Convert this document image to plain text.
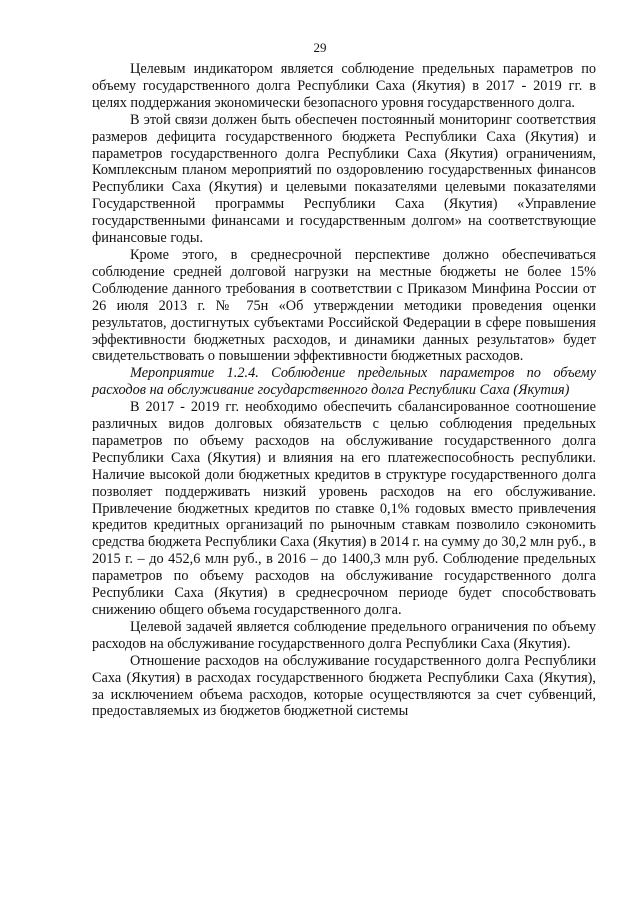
29

Целевым индикатором является соблюдение предельных параметров по объему государственного долга Республики Саха (Якутия) в 2017 - 2019 гг. в целях поддержания экономически безопасного уровня государственного долга.

В этой связи должен быть обеспечен постоянный мониторинг соответствия размеров дефицита государственного бюджета Республики Саха (Якутия) и параметров государственного долга Республики Саха (Якутия) ограничениям, Комплексным планом мероприятий по оздоровлению государственных финансов Республики Саха (Якутия) и целевыми показателями целевыми показателями Государственной программы Республики Саха (Якутия) «Управление государственными финансами и государственным долгом» на соответствующие финансовые годы.

Кроме этого, в среднесрочной перспективе должно обеспечиваться соблюдение средней долговой нагрузки на местные бюджеты не более 15% Соблюдение данного требования в соответствии с Приказом Минфина России от 26 июля 2013 г. № 75н «Об утверждении методики проведения оценки результатов, достигнутых субъектами Российской Федерации в сфере повышения эффективности бюджетных расходов, и динамики данных результатов» будет свидетельствовать о повышении эффективности бюджетных расходов.

Мероприятие 1.2.4. Соблюдение предельных параметров по объему расходов на обслуживание государственного долга Республики Саха (Якутия)

В 2017 - 2019 гг. необходимо обеспечить сбалансированное соотношение различных видов долговых обязательств с целью соблюдения предельных параметров по объему расходов на обслуживание государственного долга Республики Саха (Якутия) и влияния на его платежеспособность республики. Наличие высокой доли бюджетных кредитов в структуре государственного долга позволяет поддерживать низкий уровень расходов на его обслуживание. Привлечение бюджетных кредитов по ставке 0,1% годовых вместо привлечения кредитов кредитных организаций по рыночным ставкам позволило сэкономить средства бюджета Республики Саха (Якутия) в 2014 г. на сумму до 30,2 млн руб., в 2015 г. – до 452,6 млн руб., в 2016 – до 1400,3 млн руб. Соблюдение предельных параметров по объему расходов на обслуживание государственного долга Республики Саха (Якутия) в среднесрочном периоде будет способствовать снижению общего объема государственного долга.

Целевой задачей является соблюдение предельного ограничения по объему расходов на обслуживание государственного долга Республики Саха (Якутия).

Отношение расходов на обслуживание государственного долга Республики Саха (Якутия) в расходах государственного бюджета Республики Саха (Якутия), за исключением объема расходов, которые осуществляются за счет субвенций, предоставляемых из бюджетов бюджетной системы
